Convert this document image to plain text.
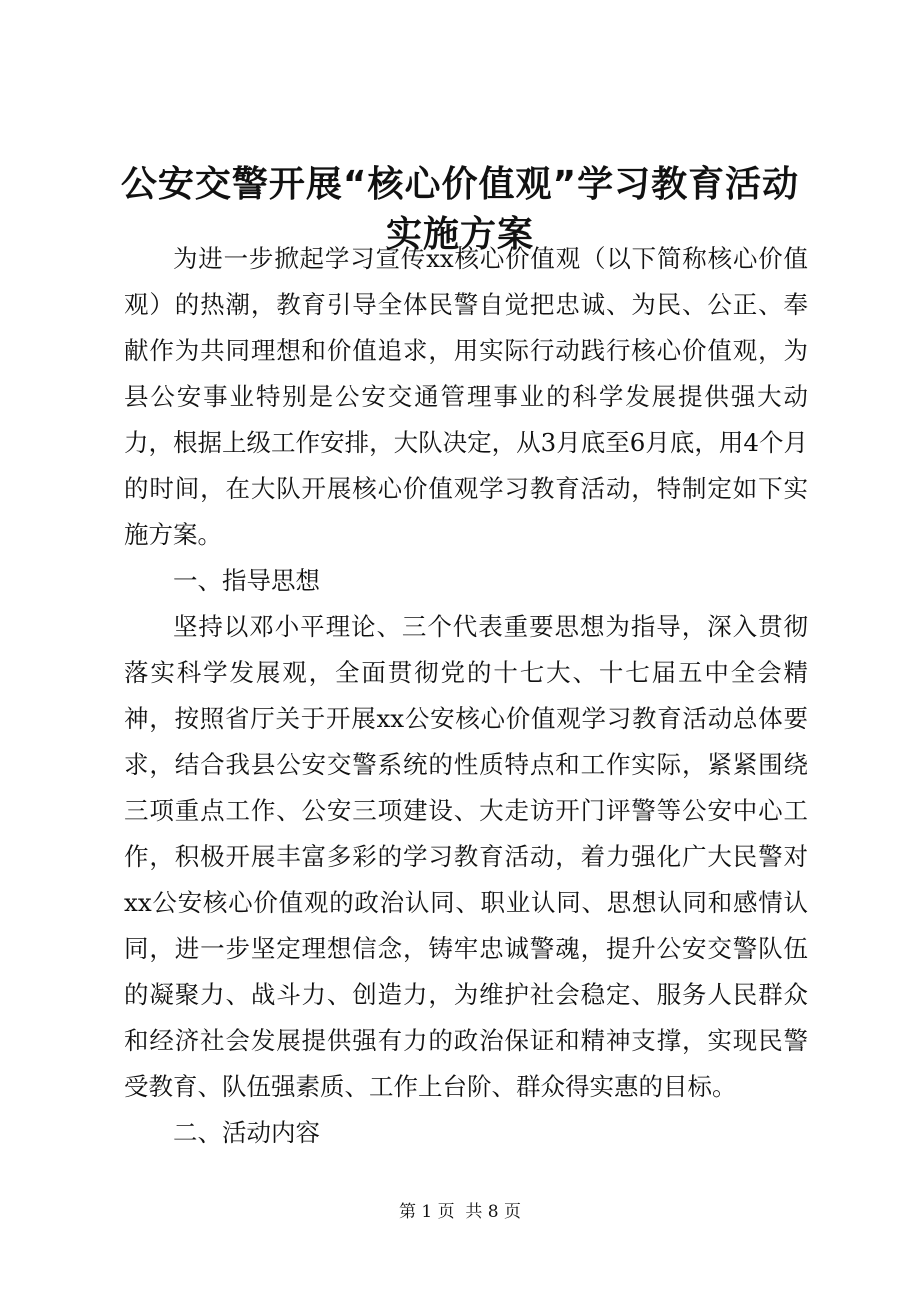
公安交警开展“核心价值观”学习教育活动实施方案

为进一步掀起学习宣传xx核心价值观（以下简称核心价值观）的热潮，教育引导全体民警自觉把忠诚、为民、公正、奉献作为共同理想和价值追求，用实际行动践行核心价值观，为县公安事业特别是公安交通管理事业的科学发展提供强大动力，根据上级工作安排，大队决定，从3月底至6月底，用4个月的时间，在大队开展核心价值观学习教育活动，特制定如下实施方案。

一、指导思想

坚持以邓小平理论、三个代表重要思想为指导，深入贯彻落实科学发展观，全面贯彻党的十七大、十七届五中全会精神，按照省厅关于开展xx公安核心价值观学习教育活动总体要求，结合我县公安交警系统的性质特点和工作实际，紧紧围绕三项重点工作、公安三项建设、大走访开门评警等公安中心工作，积极开展丰富多彩的学习教育活动，着力强化广大民警对xx公安核心价值观的政治认同、职业认同、思想认同和感情认同，进一步坚定理想信念，铸牢忠诚警魂，提升公安交警队伍的凝聚力、战斗力、创造力，为维护社会稳定、服务人民群众和经济社会发展提供强有力的政治保证和精神支撑，实现民警受教育、队伍强素质、工作上台阶、群众得实惠的目标。

二、活动内容

第 1 页  共 8 页
